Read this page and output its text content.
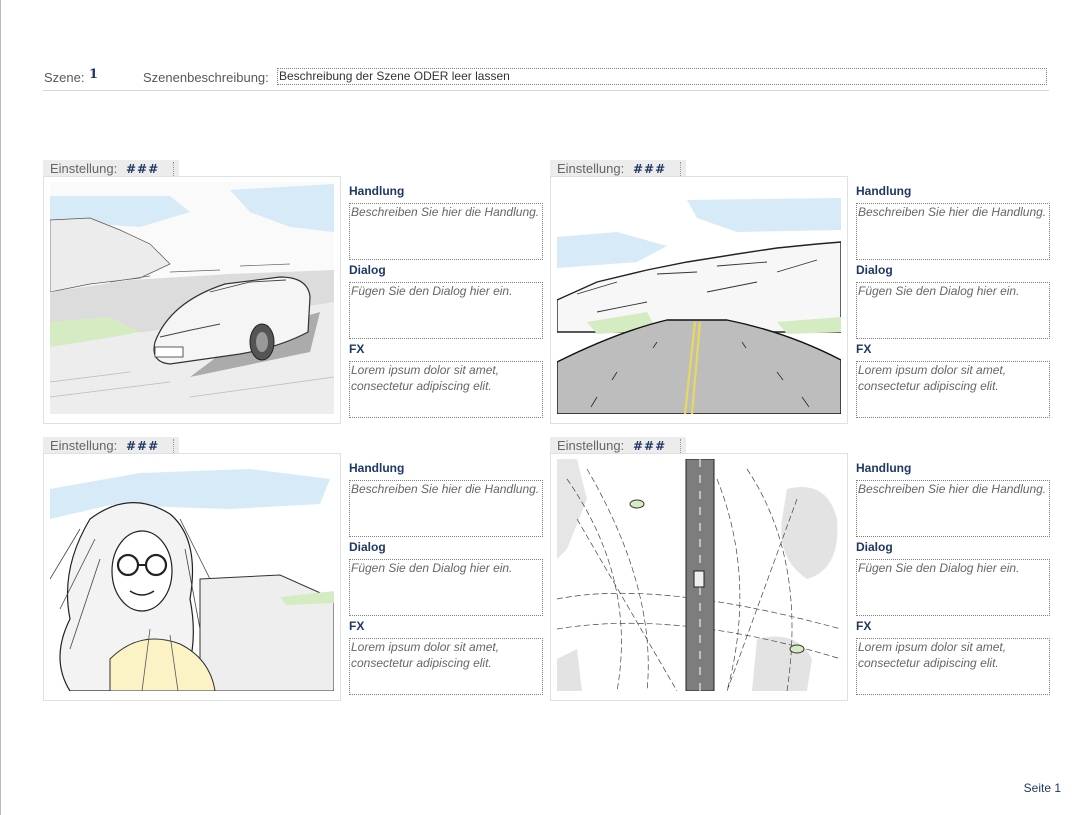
Szene: 1	Szenenbeschreibung: Beschreibung der Szene ODER leer lassen
Einstellung: ###
Handlung
Beschreiben Sie hier die Handlung.
Dialog
Fügen Sie den Dialog hier ein.
FX
Lorem ipsum dolor sit amet, consectetur adipiscing elit.
Einstellung: ###
Handlung
Beschreiben Sie hier die Handlung.
Dialog
Fügen Sie den Dialog hier ein.
FX
Lorem ipsum dolor sit amet, consectetur adipiscing elit.
Einstellung: ###
Handlung
Beschreiben Sie hier die Handlung.
Dialog
Fügen Sie den Dialog hier ein.
FX
Lorem ipsum dolor sit amet, consectetur adipiscing elit.
Einstellung: ###
Handlung
Beschreiben Sie hier die Handlung.
Dialog
Fügen Sie den Dialog hier ein.
FX
Lorem ipsum dolor sit amet, consectetur adipiscing elit.
Seite 1
